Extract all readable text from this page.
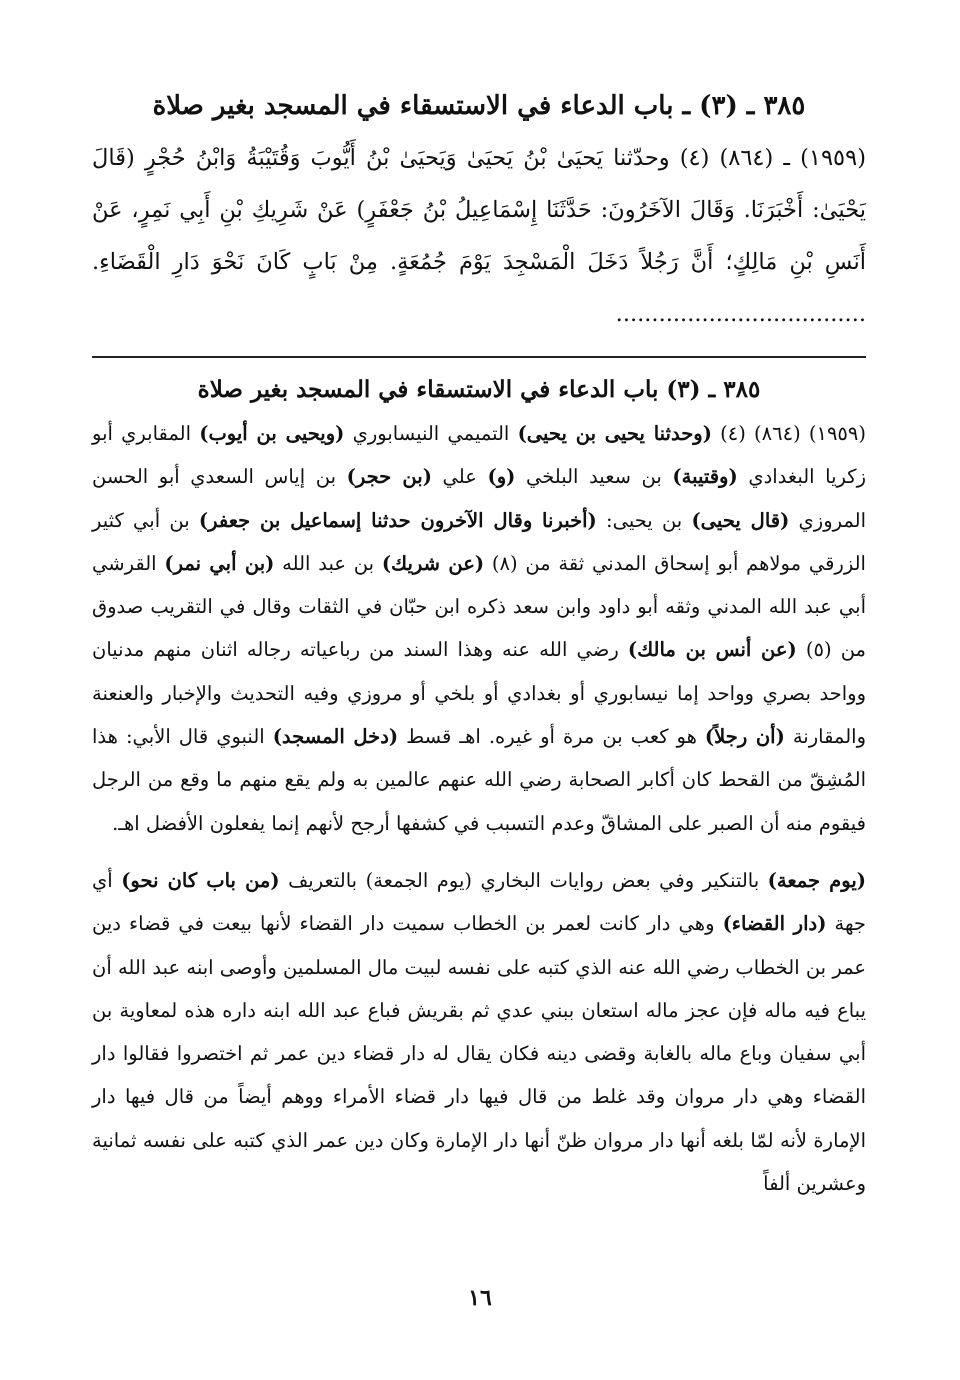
٣٨٥ ـ (٣) ـ باب الدعاء في الاستسقاء في المسجد بغير صلاة
(١٩٥٩) ـ (٨٦٤) (٤) وحدّثنا يَحيَىٰ بْنُ يَحيَىٰ وَيَحيَىٰ بْنُ أَيُّوبَ وَقُتَيْبَةُ وَابْنُ حُجْرٍ (قَالَ يَحْيَىٰ: أَخْبَرَنَا. وَقَالَ الآخَرُونَ: حَدَّثَنَا إِسْمَاعِيلُ بْنُ جَعْفَرٍ) عَنْ شَرِيكِ بْنِ أَبِي نَمِرٍ، عَنْ أَنَسِ بْنِ مَالِكٍ؛ أَنَّ رَجُلاً دَخَلَ الْمَسْجِدَ يَوْمَ جُمُعَةٍ. مِنْ بَابٍ كَانَ نَحْوَ دَارِ الْقَضَاءِ. ...................................
٣٨٥ ـ (٣) باب الدعاء في الاستسقاء في المسجد بغير صلاة

(١٩٥٩) (٨٦٤) (٤) (وحدثنا يحيى بن يحيى) التميمي النيسابوري (ويحيى بن أيوب) المقابري أبو زكريا البغدادي (وقتيبة) بن سعيد البلخي (و) علي (بن حجر) بن إياس السعدي أبو الحسن المروزي (قال يحيى) بن يحيى: (أخبرنا وقال الآخرون حدثنا إسماعيل بن جعفر) بن أبي كثير الزرقي مولاهم أبو إسحاق المدني ثقة من (٨) (عن شريك) بن عبد الله (بن أبي نمر) القرشي أبي عبد الله المدني وثقه أبو داود وابن سعد ذكره ابن حبّان في الثقات وقال في التقريب صدوق من (٥) (عن أنس بن مالك) رضي الله عنه وهذا السند من رباعياته رجاله اثنان منهم مدنيان وواحد بصري وواحد إما نيسابوري أو بغدادي أو بلخي أو مروزي وفيه التحديث والإخبار والعنعنة والمقارنة (أن رجلاً) هو كعب بن مرة أو غيره. اهـ قسط (دخل المسجد) النبوي قال الأبي: هذا المُشِقّ من القحط كان أكابر الصحابة رضي الله عنهم عالمين به ولم يقع منهم ما وقع من الرجل فيقوم منه أن الصبر على المشاقّ وعدم التسبب في كشفها أرجح لأنهم إنما يفعلون الأفضل اهـ.

(يوم جمعة) بالتنكير وفي بعض روايات البخاري (يوم الجمعة) بالتعريف (من باب كان نحو) أي جهة (دار القضاء) وهي دار كانت لعمر بن الخطاب سميت دار القضاء لأنها بيعت في قضاء دين عمر بن الخطاب رضي الله عنه الذي كتبه على نفسه لبيت مال المسلمين وأوصى ابنه عبد الله أن يباع فيه ماله فإن عجز ماله استعان ببني عدي ثم بقريش فباع عبد الله ابنه داره هذه لمعاوية بن أبي سفيان وباع ماله بالغابة وقضى دينه فكان يقال له دار قضاء دين عمر ثم اختصروا فقالوا دار القضاء وهي دار مروان وقد غلط من قال فيها دار قضاء الأمراء ووهم أيضاً من قال فيها دار الإمارة لأنه لمّا بلغه أنها دار مروان ظنّ أنها دار الإمارة وكان دين عمر الذي كتبه على نفسه ثمانية وعشرين ألفاً

١٦
